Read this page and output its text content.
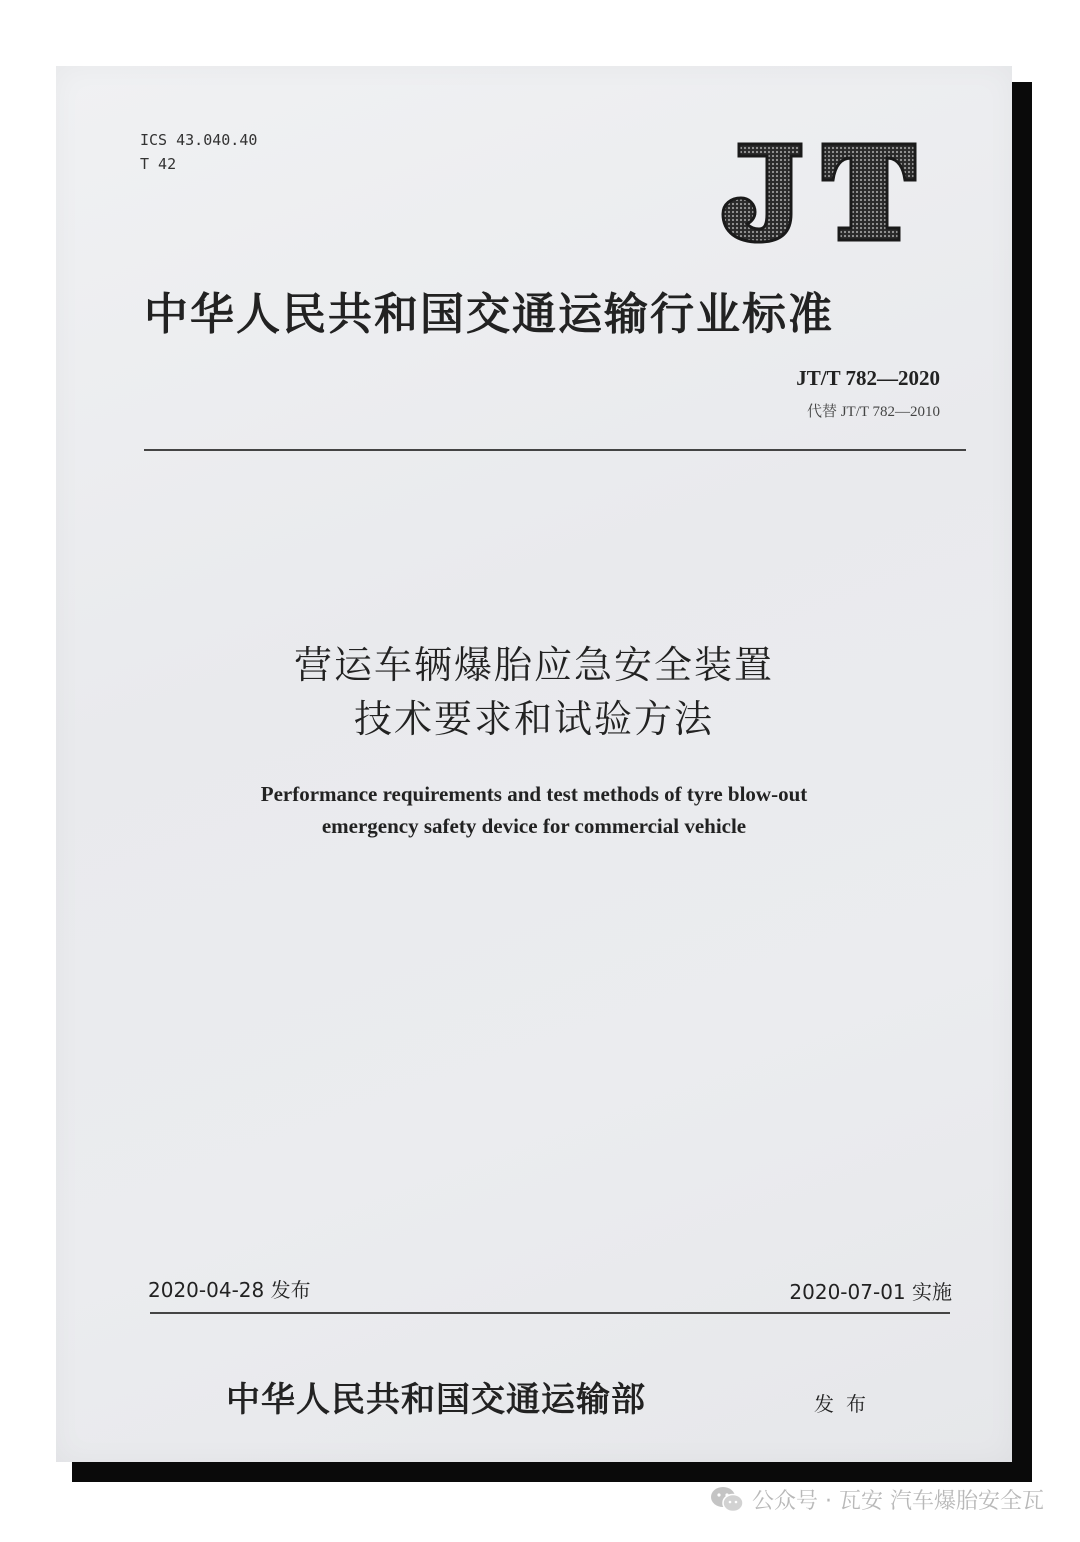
ICS 43.040.40
T 42
JT
中华人民共和国交通运输行业标准
JT/T 782—2020
代替 JT/T 782—2010
营运车辆爆胎应急安全装置
技术要求和试验方法
Performance requirements and test methods of tyre blow-out
emergency safety device for commercial vehicle
2020-04-28 发布	2020-07-01 实施
中华人民共和国交通运输部	发布
公众号 · 瓦安 汽车爆胎安全瓦
